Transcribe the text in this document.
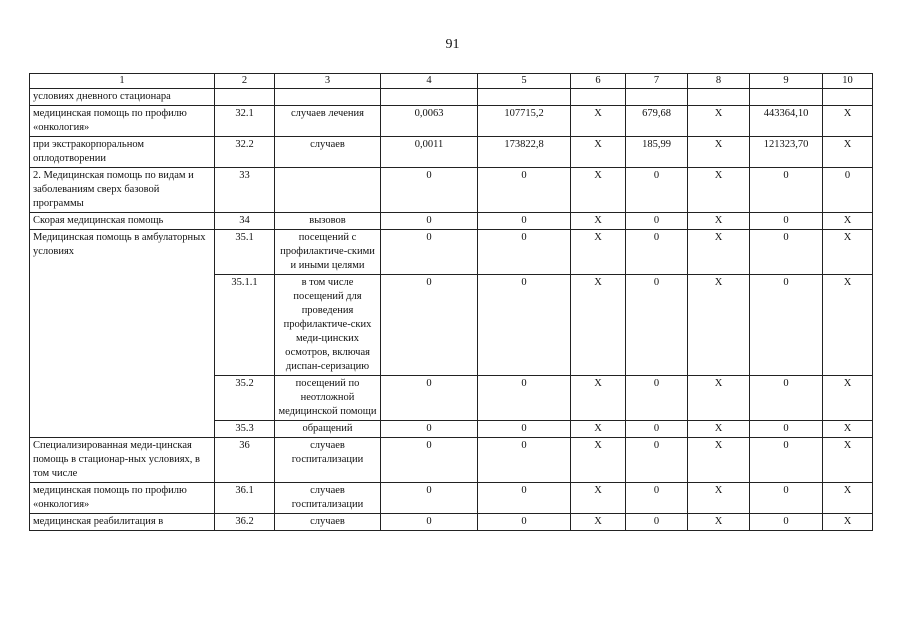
91
1	2	3	4	5	6	7	8	9	10
условиях дневного стационара									
медицинская помощь по профилю «онкология»	32.1	случаев лечения	0,0063	107715,2	Х	679,68	Х	443364,10	Х
при экстракорпоральном оплодотворении	32.2	случаев	0,0011	173822,8	Х	185,99	Х	121323,70	Х
2. Медицинская помощь по видам и заболеваниям сверх базовой программы	33		0	0	Х	0	Х	0	0
Скорая медицинская помощь	34	вызовов	0	0	Х	0	Х	0	Х
Медицинская помощь в амбулаторных условиях	35.1	посещений с профилактиче-скими и иными целями	0	0	Х	0	Х	0	Х
	35.1.1	в том числе посещений для проведения профилактиче-ских меди-цинских осмотров, включая диспан-серизацию	0	0	Х	0	Х	0	Х
	35.2	посещений по неотложной медицинской помощи	0	0	Х	0	Х	0	Х
	35.3	обращений	0	0	Х	0	Х	0	Х
Специализированная меди-цинская помощь в стационар-ных условиях, в том числе	36	случаев госпитализации	0	0	Х	0	Х	0	Х
медицинская помощь по профилю «онкология»	36.1	случаев госпитализации	0	0	Х	0	Х	0	Х
медицинская реабилитация в	36.2	случаев	0	0	Х	0	Х	0	Х
